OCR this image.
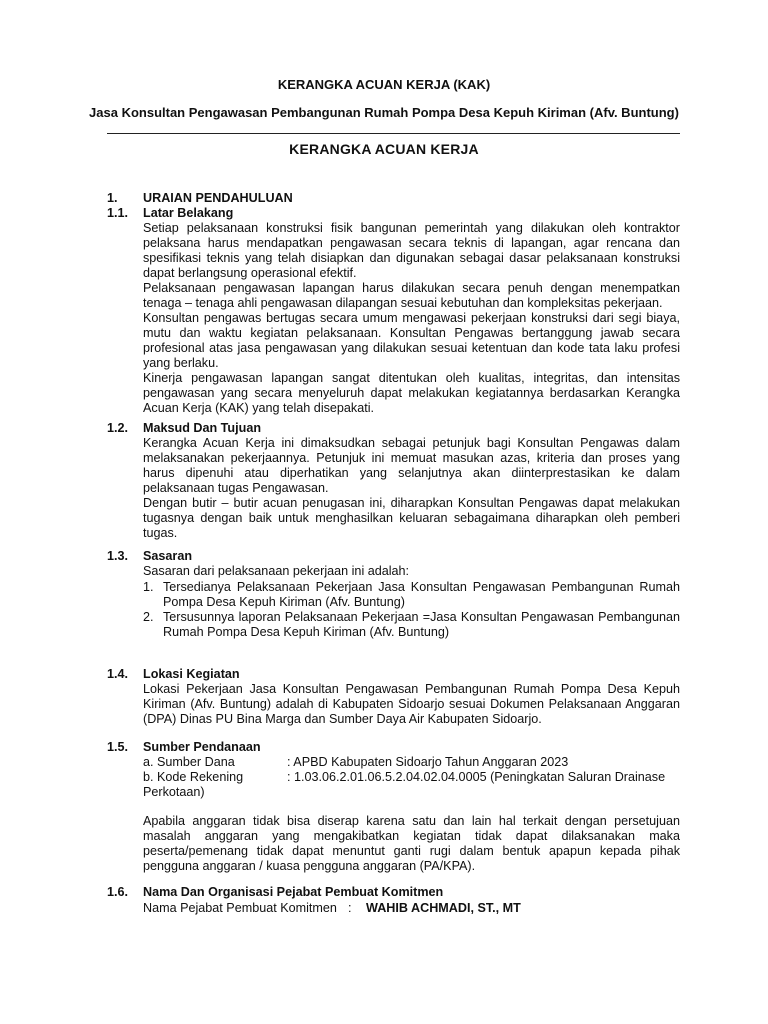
KERANGKA ACUAN KERJA (KAK)
Jasa Konsultan Pengawasan Pembangunan Rumah Pompa Desa Kepuh Kiriman (Afv. Buntung)
KERANGKA ACUAN KERJA
1. URAIAN PENDAHULUAN
1.1. Latar Belakang

Setiap pelaksanaan konstruksi fisik bangunan pemerintah yang dilakukan oleh kontraktor pelaksana harus mendapatkan pengawasan secara teknis di lapangan, agar rencana dan spesifikasi teknis yang telah disiapkan dan digunakan sebagai dasar pelaksanaan konstruksi dapat berlangsung operasional efektif.

Pelaksanaan pengawasan lapangan harus dilakukan secara penuh dengan menempatkan tenaga – tenaga ahli pengawasan dilapangan sesuai kebutuhan dan kompleksitas pekerjaan.

Konsultan pengawas bertugas secara umum mengawasi pekerjaan konstruksi dari segi biaya, mutu dan waktu kegiatan pelaksanaan. Konsultan Pengawas bertanggung jawab secara profesional atas jasa pengawasan yang dilakukan sesuai ketentuan dan kode tata laku profesi yang berlaku.

Kinerja pengawasan lapangan sangat ditentukan oleh kualitas, integritas, dan intensitas pengawasan yang secara menyeluruh dapat melakukan kegiatannya berdasarkan Kerangka Acuan Kerja (KAK) yang telah disepakati.

1.2. Maksud Dan Tujuan

Kerangka Acuan Kerja ini dimaksudkan sebagai petunjuk bagi Konsultan Pengawas dalam melaksanakan pekerjaannya. Petunjuk ini memuat masukan azas, kriteria dan proses yang harus dipenuhi atau diperhatikan yang selanjutnya akan diinterprestasikan ke dalam pelaksanaan tugas Pengawasan.

Dengan butir – butir acuan penugasan ini, diharapkan Konsultan Pengawas dapat melakukan tugasnya dengan baik untuk menghasilkan keluaran sebagaimana diharapkan oleh pemberi tugas.

1.3. Sasaran
Sasaran dari pelaksanaan pekerjaan ini adalah:
1. Tersedianya Pelaksanaan Pekerjaan Jasa Konsultan Pengawasan Pembangunan Rumah Pompa Desa Kepuh Kiriman (Afv. Buntung)

2. Tersusunnya laporan Pelaksanaan Pekerjaan =Jasa Konsultan Pengawasan Pembangunan Rumah Pompa Desa Kepuh Kiriman (Afv. Buntung)

1.4. Lokasi Kegiatan

Lokasi Pekerjaan Jasa Konsultan Pengawasan Pembangunan Rumah Pompa Desa Kepuh Kiriman (Afv. Buntung) adalah di Kabupaten Sidoarjo sesuai Dokumen Pelaksanaan Anggaran (DPA) Dinas PU Bina Marga dan Sumber Daya Air Kabupaten Sidoarjo.

1.5. Sumber Pendanaan
a. Sumber Dana	: APBD Kabupaten Sidoarjo Tahun Anggaran 2023
b. Kode Rekening	: 1.03.06.2.01.06.5.2.04.02.04.0005 (Peningkatan Saluran Drainase
Perkotaan)

Apabila anggaran tidak bisa diserap karena satu dan lain hal terkait dengan persetujuan masalah anggaran yang mengakibatkan kegiatan tidak dapat dilaksanakan maka peserta/pemenang tidak dapat menuntut ganti rugi dalam bentuk apapun kepada pihak pengguna anggaran / kuasa pengguna anggaran (PA/KPA).

1.6. Nama Dan Organisasi Pejabat Pembuat Komitmen
Nama Pejabat Pembuat Komitmen : WAHIB ACHMADI, ST., MT
